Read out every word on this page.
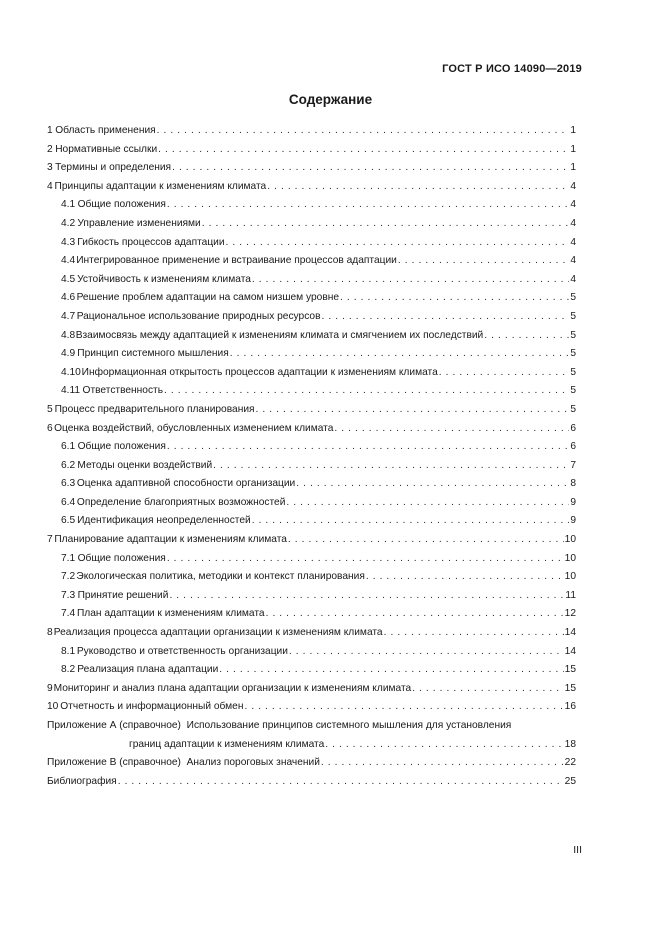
ГОСТ Р ИСО 14090—2019
Содержание
1 Область применения . . .	1
2 Нормативные ссылки . . .	1
3 Термины и определения . . .	1
4 Принципы адаптации к изменениям климата . . .	4
4.1 Общие положения . . .	4
4.2 Управление изменениями . . .	4
4.3 Гибкость процессов адаптации . . .	4
4.4 Интегрированное применение и встраивание процессов адаптации . . .	4
4.5 Устойчивость к изменениям климата . . .	4
4.6 Решение проблем адаптации на самом низшем уровне . . .	5
4.7 Рациональное использование природных ресурсов . . .	5
4.8 Взаимосвязь между адаптацией к изменениям климата и смягчением их последствий . . .	5
4.9 Принцип системного мышления . . .	5
4.10 Информационная открытость процессов адаптации к изменениям климата . . .	5
4.11 Ответственность . . .	5
5 Процесс предварительного планирования . . .	5
6 Оценка воздействий, обусловленных изменением климата . . .	6
6.1 Общие положения . . .	6
6.2 Методы оценки воздействий . . .	7
6.3 Оценка адаптивной способности организации . . .	8
6.4 Определение благоприятных возможностей . . .	9
6.5 Идентификация неопределенностей . . .	9
7 Планирование адаптации к изменениям климата . . .	10
7.1 Общие положения . . .	10
7.2 Экологическая политика, методики и контекст планирования . . .	10
7.3 Принятие решений . . .	11
7.4 План адаптации к изменениям климата . . .	12
8 Реализация процесса адаптации организации к изменениям климата . . .	14
8.1 Руководство и ответственность организации . . .	14
8.2 Реализация плана адаптации . . .	15
9 Мониторинг и анализ плана адаптации организации к изменениям климата . . .	15
10 Отчетность и информационный обмен . . .	16
Приложение А (справочное) Использование принципов системного мышления для установления
границ адаптации к изменениям климата . . .	18
Приложение В (справочное)
Анализ пороговых значений . . .	22
Библиография . . .	25
III
